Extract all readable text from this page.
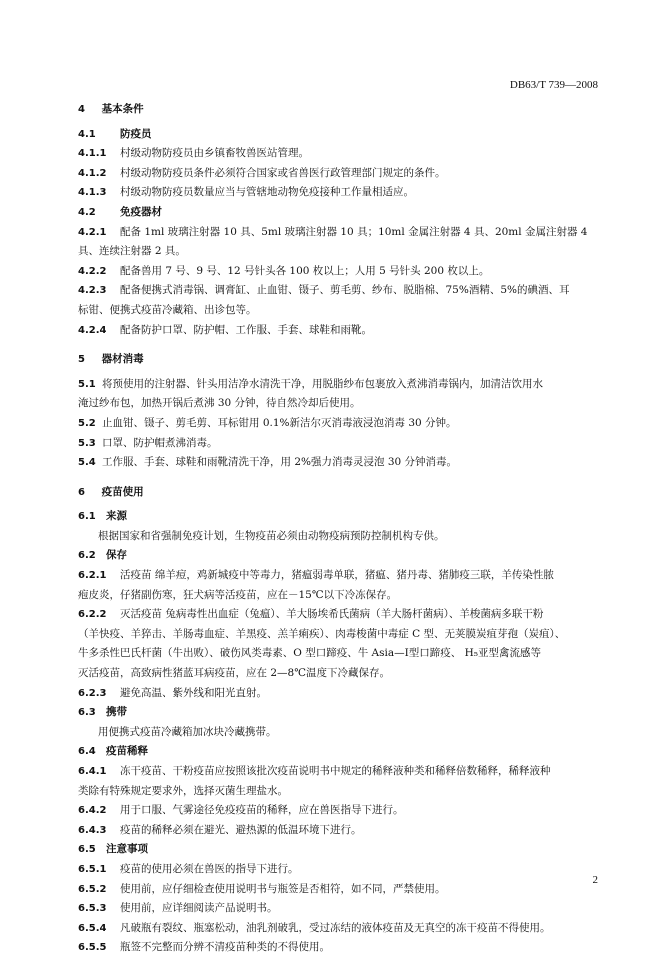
DB63/T 739—2008
4 基本条件
4.1 防疫员
4.1.1 村级动物防疫员由乡镇畜牧兽医站管理。
4.1.2 村级动物防疫员条件必须符合国家或省兽医行政管理部门规定的条件。
4.1.3 村级动物防疫员数量应当与管辖地动物免疫接种工作量相适应。
4.2 免疫器材
4.2.1 配备 1ml 玻璃注射器 10 具、5ml 玻璃注射器 10 具；10ml 金属注射器 4 具、20ml 金属注射器 4
具、连续注射器 2 具。
4.2.2 配备兽用 7 号、9 号、12 号针头各 100 枚以上；人用 5 号针头 200 枚以上。
4.2.3 配备便携式消毒锅、调膏缸、止血钳、镊子、剪毛剪、纱布、脱脂棉、75%酒精、5%的碘酒、耳
标钳、便携式疫苗冷藏箱、出诊包等。
4.2.4 配备防护口罩、防护帽、工作服、手套、球鞋和雨靴。
5 器材消毒
5.1 将预使用的注射器、针头用洁净水清洗干净，用脱脂纱布包裹放入煮沸消毒锅内，加清洁饮用水
淹过纱布包，加热开锅后煮沸 30 分钟，待自然冷却后使用。
5.2 止血钳、镊子、剪毛剪、耳标钳用 0.1%新洁尔灭消毒液浸泡消毒 30 分钟。
5.3 口罩、防护帽煮沸消毒。
5.4 工作服、手套、球鞋和雨靴清洗干净，用 2%强力消毒灵浸泡 30 分钟消毒。
6 疫苗使用
6.1 来源
根据国家和省强制免疫计划，生物疫苗必须由动物疫病预防控制机构专供。
6.2 保存
6.2.1 活疫苗 绵羊痘，鸡新城疫中等毒力，猪瘟弱毒单联，猪瘟、猪丹毒、猪肺疫三联，羊传染性脓
疱皮炎，仔猪副伤寒，狂犬病等活疫苗，应在－15℃以下冷冻保存。
6.2.2 灭活疫苗 兔病毒性出血症（兔瘟）、羊大肠埃希氏菌病（羊大肠杆菌病）、羊梭菌病多联干粉
（羊快疫、羊猝击、羊肠毒血症、羊黑疫、羔羊痢疾）、肉毒梭菌中毒症 C 型、无荚膜炭疽芽孢（炭疽）、
牛多杀性巴氏杆菌（牛出败）、破伤风类毒素、O 型口蹄疫、牛 Asia—Ⅰ型口蹄疫、 H₅亚型禽流感等
灭活疫苗，高致病性猪蓝耳病疫苗，应在 2—8℃温度下冷藏保存。
6.2.3 避免高温、紫外线和阳光直射。
6.3 携带
用便携式疫苗冷藏箱加冰块冷藏携带。
6.4 疫苗稀释
6.4.1 冻干疫苗、干粉疫苗应按照该批次疫苗说明书中规定的稀释液种类和稀释倍数稀释，稀释液种
类除有特殊规定要求外，选择灭菌生理盐水。
6.4.2 用于口服、气雾途径免疫疫苗的稀释，应在兽医指导下进行。
6.4.3 疫苗的稀释必须在避光、避热源的低温环境下进行。
6.5 注意事项
6.5.1 疫苗的使用必须在兽医的指导下进行。
6.5.2 使用前，应仔细检查使用说明书与瓶签是否相符，如不同，严禁使用。
6.5.3 使用前，应详细阅读产品说明书。
6.5.4 凡破瓶有裂纹、瓶塞松动，油乳剂破乳，受过冻结的液体疫苗及无真空的冻干疫苗不得使用。
6.5.5 瓶签不完整而分辨不清疫苗种类的不得使用。
2
